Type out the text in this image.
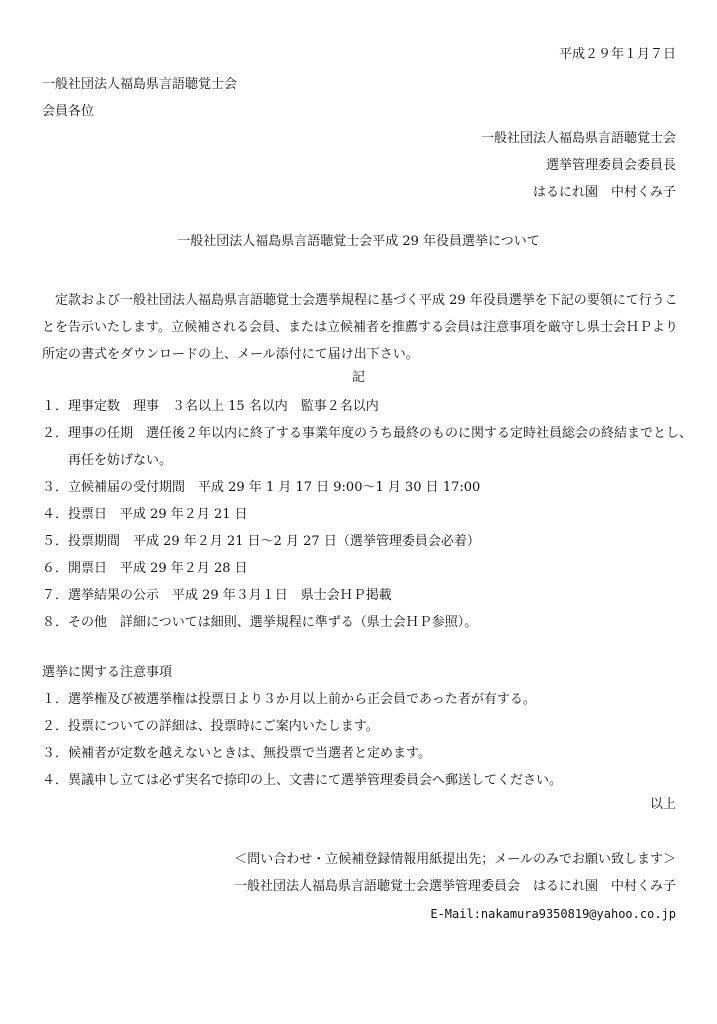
平成２９年１月７日
一般社団法人福島県言語聴覚士会
会員各位
一般社団法人福島県言語聴覚士会
選挙管理委員会委員長
はるにれ園　中村くみ子
一般社団法人福島県言語聴覚士会平成 29 年役員選挙について
定款および一般社団法人福島県言語聴覚士会選挙規程に基づく平成 29 年役員選挙を下記の要領にて行うことを告示いたします。立候補される会員、または立候補者を推薦する会員は注意事項を厳守し県士会ＨＰより所定の書式をダウンロードの上、メール添付にて届け出下さい。
記
１．理事定数　理事　３名以上 15 名以内　監事２名以内
２．理事の任期　選任後２年以内に終了する事業年度のうち最終のものに関する定時社員総会の終結までとし、再任を妨げない。
３．立候補届の受付期間　平成 29 年 1 月 17 日 9:00～1 月 30 日 17:00
４．投票日　平成 29 年２月 21 日
５．投票期間　平成 29 年２月 21 日～2 月 27 日（選挙管理委員会必着）
６．開票日　平成 29 年２月 28 日
７．選挙結果の公示　平成 29 年３月１日　県士会ＨＰ掲載
８．その他　詳細については細則、選挙規程に準ずる（県士会ＨＰ参照）。
選挙に関する注意事項
１．選挙権及び被選挙権は投票日より３か月以上前から正会員であった者が有する。
２．投票についての詳細は、投票時にご案内いたします。
３．候補者が定数を越えないときは、無投票で当選者と定めます。
４．異議申し立ては必ず実名で捺印の上、文書にて選挙管理委員会へ郵送してください。
以上
＜問い合わせ・立候補登録情報用紙提出先；メールのみでお願い致します＞
一般社団法人福島県言語聴覚士会選挙管理委員会　はるにれ園　中村くみ子
E-Mail:nakamura9350819@yahoo.co.jp
